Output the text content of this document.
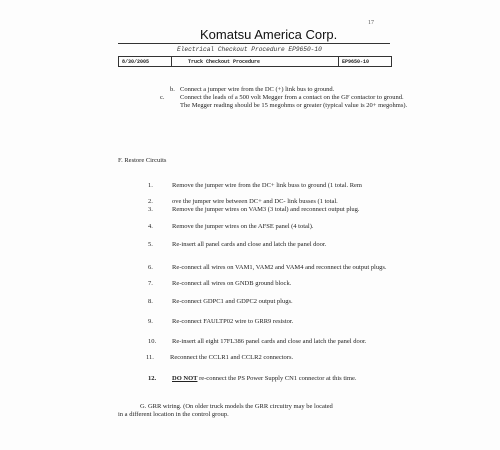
17
Komatsu America Corp.
Electrical Checkout Procedure EP9650-10
8/30/2005	Truck Checkout Procedure	EP9650-10
b. Connect a jumper wire from the DC (+) link bus to ground.
c. Connect the leads of a 500 volt Megger from a contact on the GF contactor to ground. The Megger reading should be 15 megohms or greater (typical value is 20+ megohms).
F. Restore Circuits
1.	Remove the jumper wire from the DC+ link buss to ground (1 total. Rem
2.	ove the jumper wire between DC+ and DC- link busses (1 total.
3.	Remove the jumper wires on VAM3 (3 total) and reconnect output plug.
4.	Remove the jumper wires on the AFSE panel (4 total).
5.	Re-insert all panel cards and close and latch the panel door.
6.	Re-connect all wires on VAM1, VAM2 and VAM4 and reconnect the output plugs.
7.	Re-connect all wires on GNDB ground block.
8.	Re-connect GDPC1 and GDPC2 output plugs.
9.	Re-connect FAULTP02 wire to GRR9 resistor.
10. Re-insert all eight 17FL386 panel cards and close and latch the panel door.
11. Reconnect the CCLR1 and CCLR2 connectors.
12. DO NOT re-connect the PS Power Supply CN1 connector at this time.
G. GRR wiring. (On older truck models the GRR circuitry may be located
in a different location in the control group.
